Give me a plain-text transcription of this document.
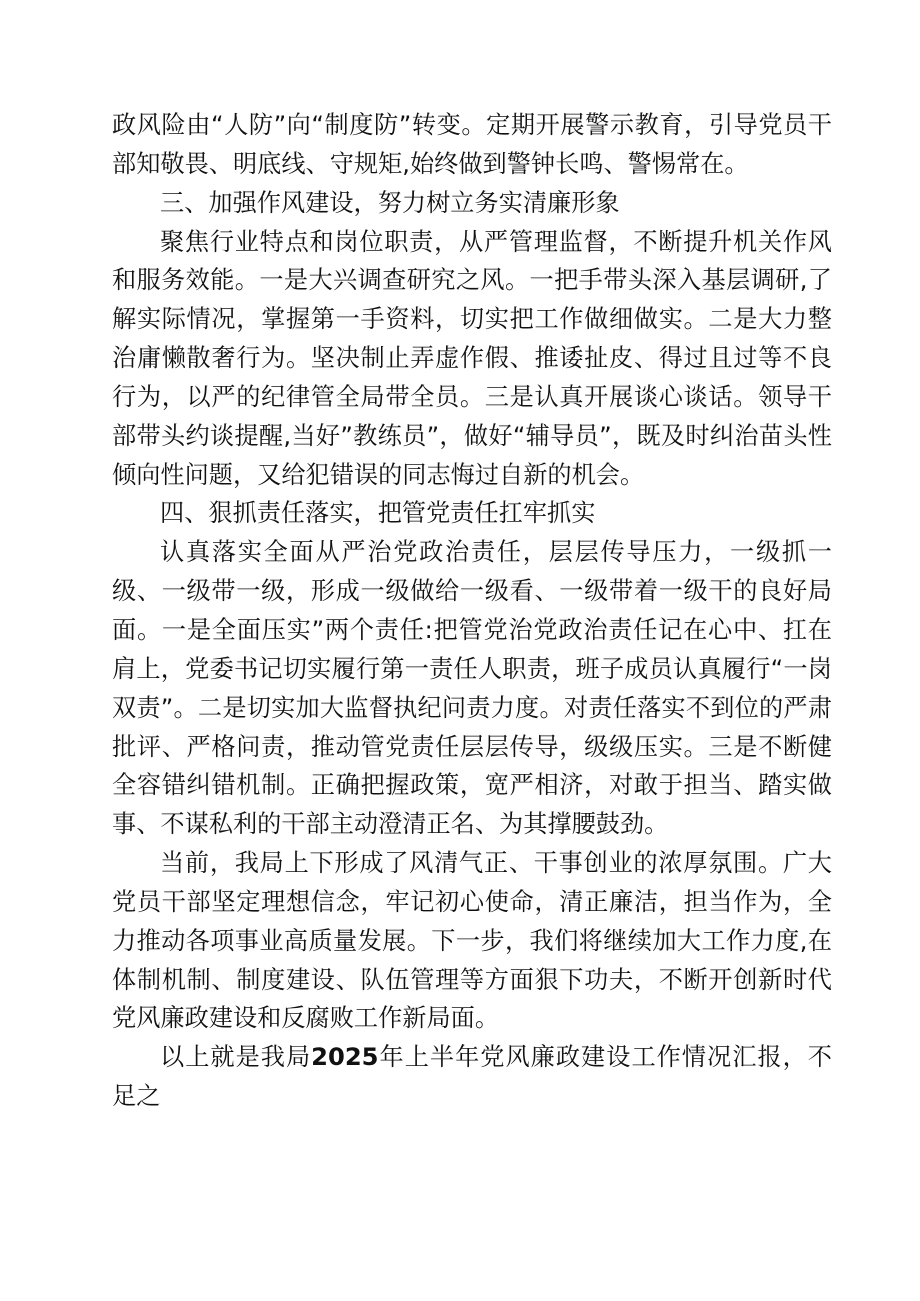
政风险由“人防”向“制度防”转变。定期开展警示教育，引导党员干部知敬畏、明底线、守规矩,始终做到警钟长鸣、警惕常在。

三、加强作风建设，努力树立务实清廉形象

聚焦行业特点和岗位职责，从严管理监督，不断提升机关作风和服务效能。一是大兴调查研究之风。一把手带头深入基层调研,了解实际情况，掌握第一手资料，切实把工作做细做实。二是大力整治庸懒散奢行为。坚决制止弄虚作假、推诿扯皮、得过且过等不良行为，以严的纪律管全局带全员。三是认真开展谈心谈话。领导干部带头约谈提醒,当好”教练员”，做好“辅导员”，既及时纠治苗头性倾向性问题，又给犯错误的同志悔过自新的机会。

四、狠抓责任落实，把管党责任扛牢抓实

认真落实全面从严治党政治责任，层层传导压力，一级抓一级、一级带一级，形成一级做给一级看、一级带着一级干的良好局面。一是全面压实”两个责任:把管党治党政治责任记在心中、扛在肩上，党委书记切实履行第一责任人职责，班子成员认真履行“一岗双责”。二是切实加大监督执纪问责力度。对责任落实不到位的严肃批评、严格问责，推动管党责任层层传导，级级压实。三是不断健全容错纠错机制。正确把握政策，宽严相济，对敢于担当、踏实做事、不谋私利的干部主动澄清正名、为其撑腰鼓劲。

当前，我局上下形成了风清气正、干事创业的浓厚氛围。广大党员干部坚定理想信念，牢记初心使命，清正廉洁，担当作为，全力推动各项事业高质量发展。下一步，我们将继续加大工作力度,在体制机制、制度建设、队伍管理等方面狠下功夫，不断开创新时代党风廉政建设和反腐败工作新局面。

以上就是我局2025年上半年党风廉政建设工作情况汇报，不足之
